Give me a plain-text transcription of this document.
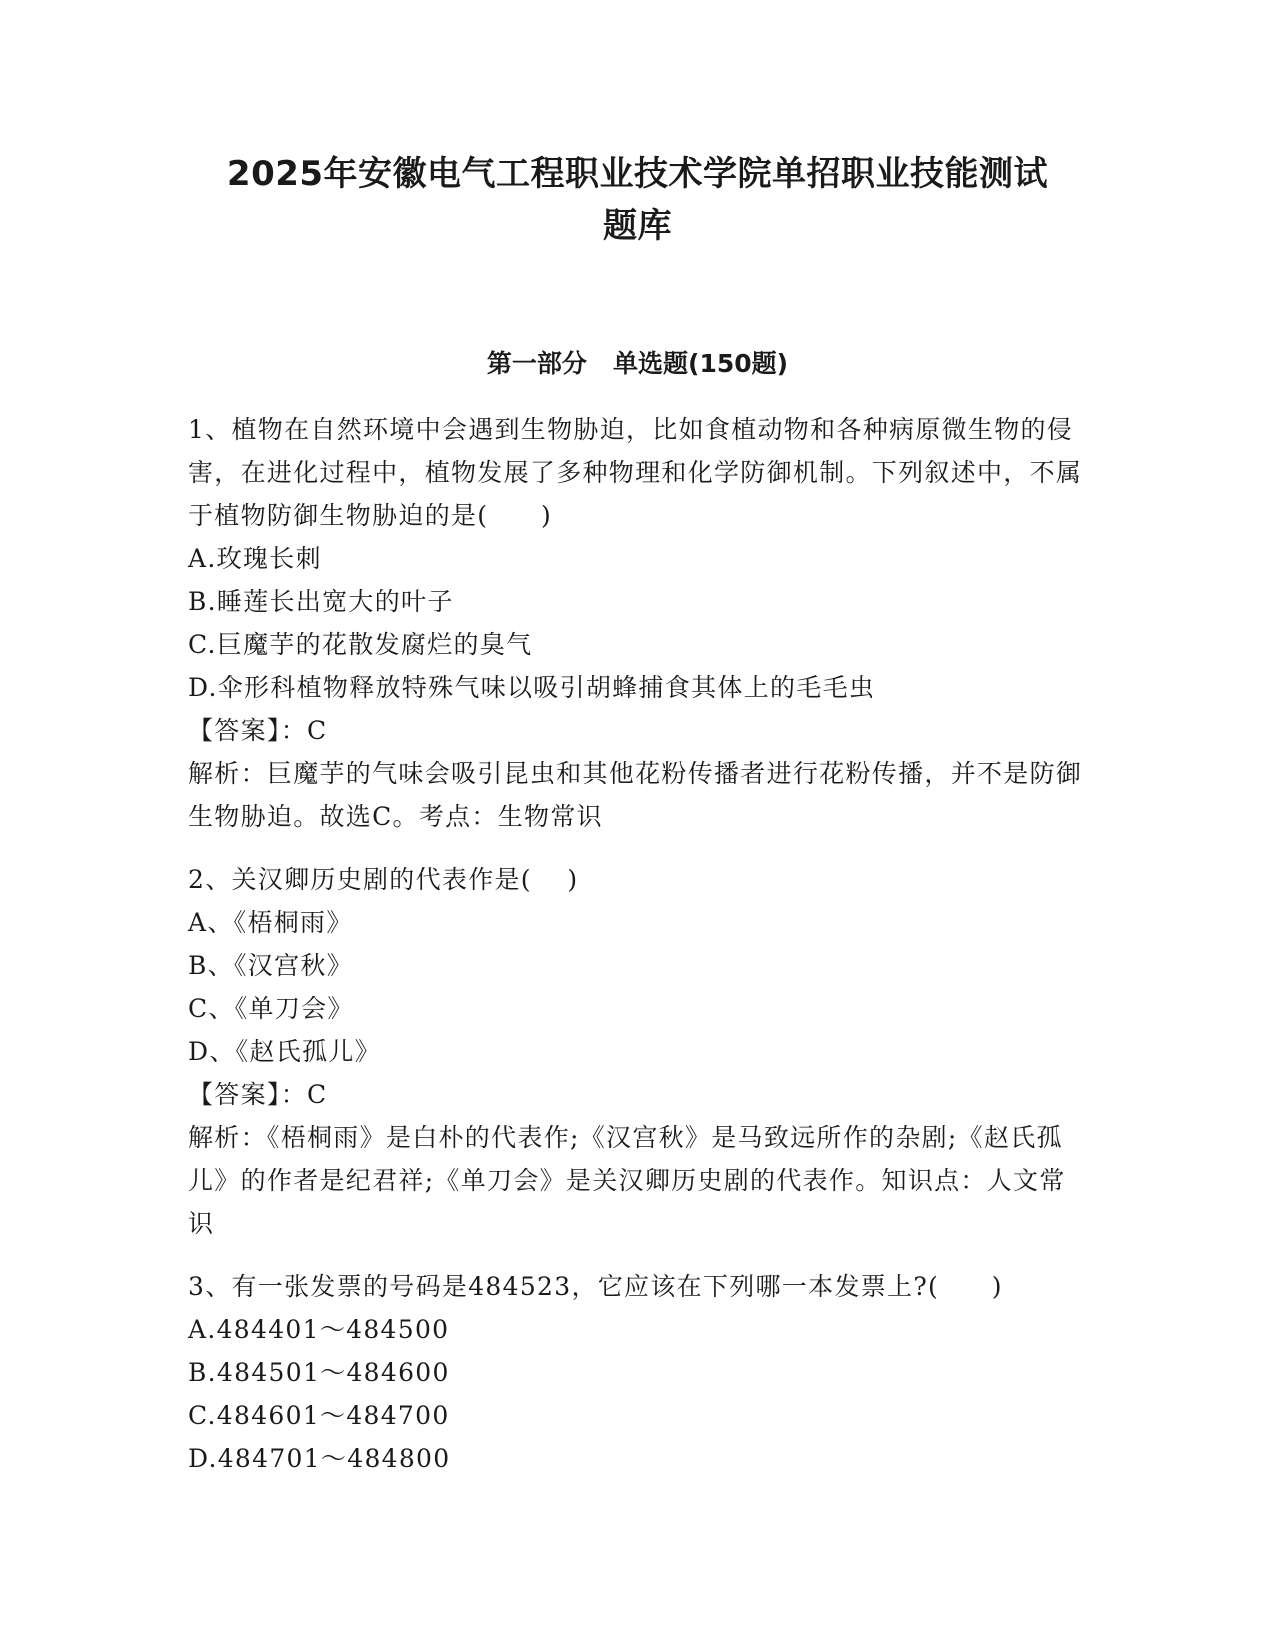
2025年安徽电气工程职业技术学院单招职业技能测试
题库
第一部分   单选题(150题)

1、植物在自然环境中会遇到生物胁迫，比如食植动物和各种病原微生物的侵害，在进化过程中，植物发展了多种物理和化学防御机制。下列叙述中，不属于植物防御生物胁迫的是(　　)

A.玫瑰长刺

B.睡莲长出宽大的叶子

C.巨魔芋的花散发腐烂的臭气

D.伞形科植物释放特殊气味以吸引胡蜂捕食其体上的毛毛虫

【答案】：C

解析：巨魔芋的气味会吸引昆虫和其他花粉传播者进行花粉传播，并不是防御生物胁迫。故选C。考点：生物常识

2、关汉卿历史剧的代表作是(　 )

A、《梧桐雨》

B、《汉宫秋》

C、《单刀会》

D、《赵氏孤儿》

【答案】：C

解析：《梧桐雨》是白朴的代表作;《汉宫秋》是马致远所作的杂剧;《赵氏孤儿》的作者是纪君祥;《单刀会》是关汉卿历史剧的代表作。知识点：人文常识

3、有一张发票的号码是484523，它应该在下列哪一本发票上?(　　)

A.484401～484500

B.484501～484600

C.484601～484700

D.484701～484800
